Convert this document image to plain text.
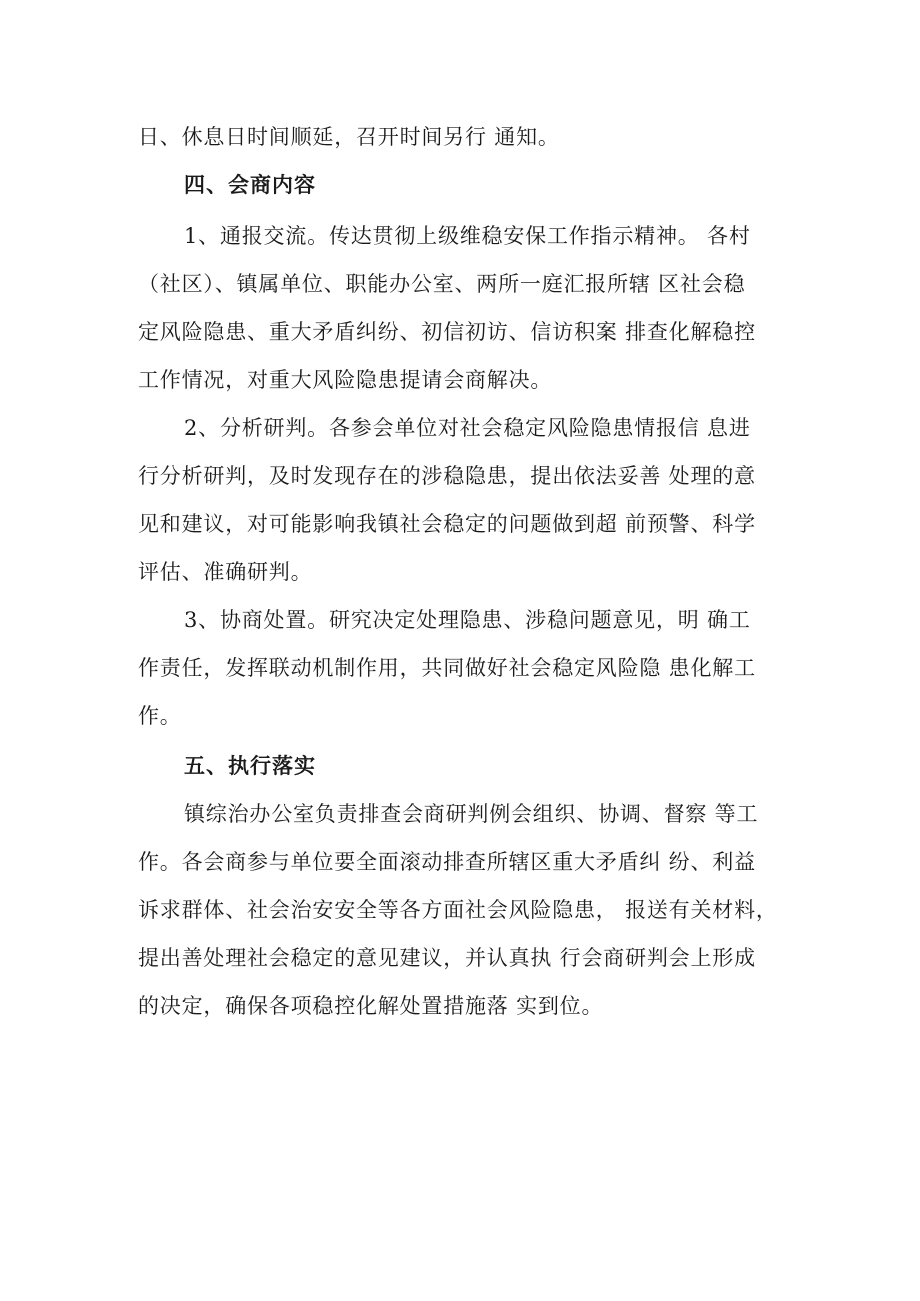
日、休息日时间顺延，召开时间另行 通知。
四、会商内容
1、通报交流。传达贯彻上级维稳安保工作指示精神。 各村
（社区）、镇属单位、职能办公室、两所一庭汇报所辖 区社会稳
定风险隐患、重大矛盾纠纷、初信初访、信访积案 排查化解稳控
工作情况，对重大风险隐患提请会商解决。
2、分析研判。各参会单位对社会稳定风险隐患情报信 息进
行分析研判，及时发现存在的涉稳隐患，提出依法妥善 处理的意
见和建议，对可能影响我镇社会稳定的问题做到超 前预警、科学
评估、准确研判。
3、协商处置。研究决定处理隐患、涉稳问题意见，明 确工
作责任，发挥联动机制作用，共同做好社会稳定风险隐 患化解工
作。
五、执行落实
镇综治办公室负责排查会商研判例会组织、协调、督察 等工
作。各会商参与单位要全面滚动排查所辖区重大矛盾纠 纷、利益
诉求群体、社会治安安全等各方面社会风险隐患， 报送有关材料，
提出善处理社会稳定的意见建议，并认真执 行会商研判会上形成
的决定，确保各项稳控化解处置措施落 实到位。
